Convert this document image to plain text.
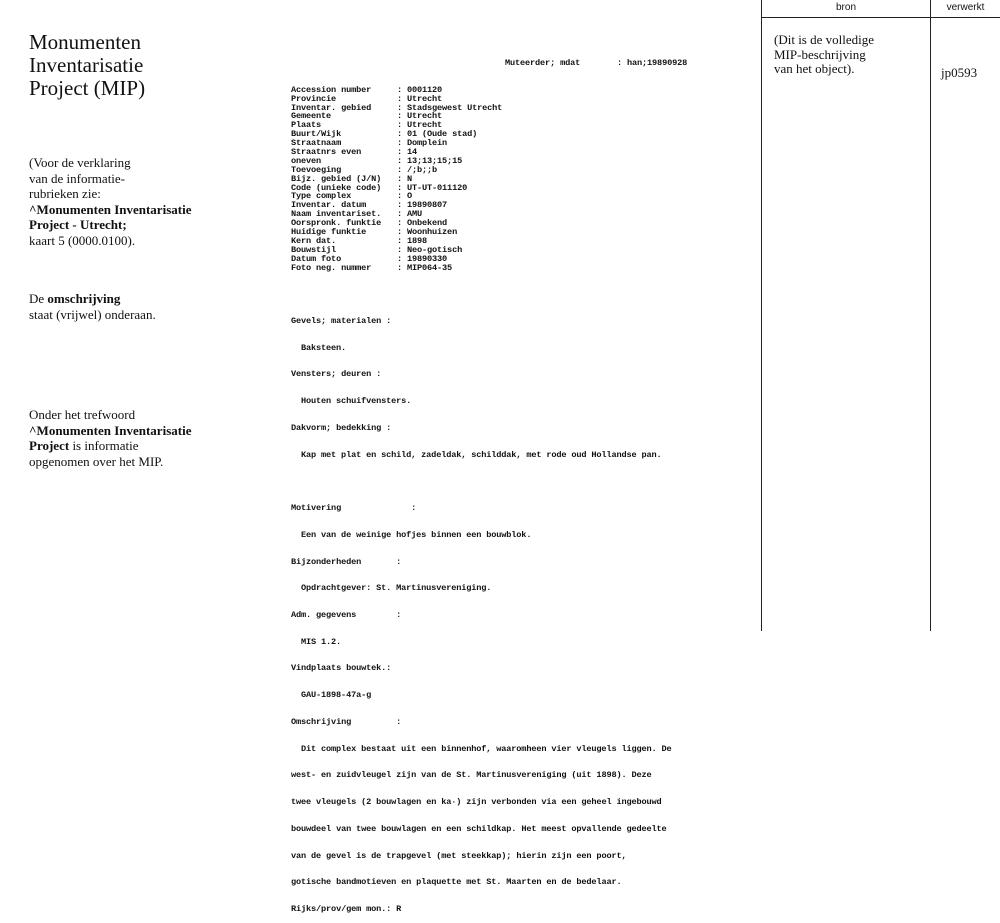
Monumenten
Inventarisatie
Project (MIP)
(Voor de verklaring
van de informatie-
rubrieken zie:
^Monumenten Inventarisatie
Project - Utrecht;
kaart 5 (0000.0100).
De omschrijving
staat (vrijwel) onderaan.
Onder het trefwoord
^Monumenten Inventarisatie
Project is informatie
opgenomen over het MIP.

Muteerder; mdat	: han;19890928

Accession number	: 0001120
Provincie	: Utrecht
Inventar. gebied	: Stadsgewest Utrecht
Gemeente	: Utrecht
Plaats	: Utrecht
Buurt/Wijk	: 01 (Oude stad)
Straatnaam	: Domplein
Straatnrs even	: 14
oneven	: 13;13;15;15
Toevoeging	: /;b;;b
Bijz. gebied (J/N) : N
Code (unieke code) : UT-UT-011120
Type complex	: O
Inventar. datum	: 19890807
Naam inventariset. : AMU
Oorspronk. funktie : Onbekend
Huidige funktie	: Woonhuizen
Kern dat.	: 1898
Bouwstijl	: Neo-gotisch
Datum foto	: 19890330
Foto neg. nummer	: MIP064-35

Gevels; materialen :

Baksteen.

Vensters; deuren :

Houten schuifvensters.

Dakvorm; bedekking :

Kap met plat en schild, zadeldak, schilddak, met rode oud Hollandse pan.

Motivering              :

Een van de weinige hofjes binnen een bouwblok.

Bijzonderheden       :

Opdrachtgever: St. Martinusvereniging.

Adm. gegevens        :

MIS 1.2.

Vindplaats bouwtek.:

GAU-1898-47a-g

Omschrijving         :

Dit complex bestaat uit een binnenhof, waaromheen vier vleugels liggen. De

west- en zuidvleugel zijn van de St. Martinusvereniging (uit 1898). Deze

twee vleugels (2 bouwlagen en ka·) zijn verbonden via een geheel ingebouwd

bouwdeel van twee bouwlagen en een schildkap. Het meest opvallende gedeelte

van de gevel is de trapgevel (met steekkap); hierin zijn een poort,

gotische bandmotieven en plaquette met St. Maarten en de bedelaar.

Rijks/prov/gem mon.: R

bron	verwerkt
(Dit is de volledige
MIP-beschrijving
van het object).	jp0593
